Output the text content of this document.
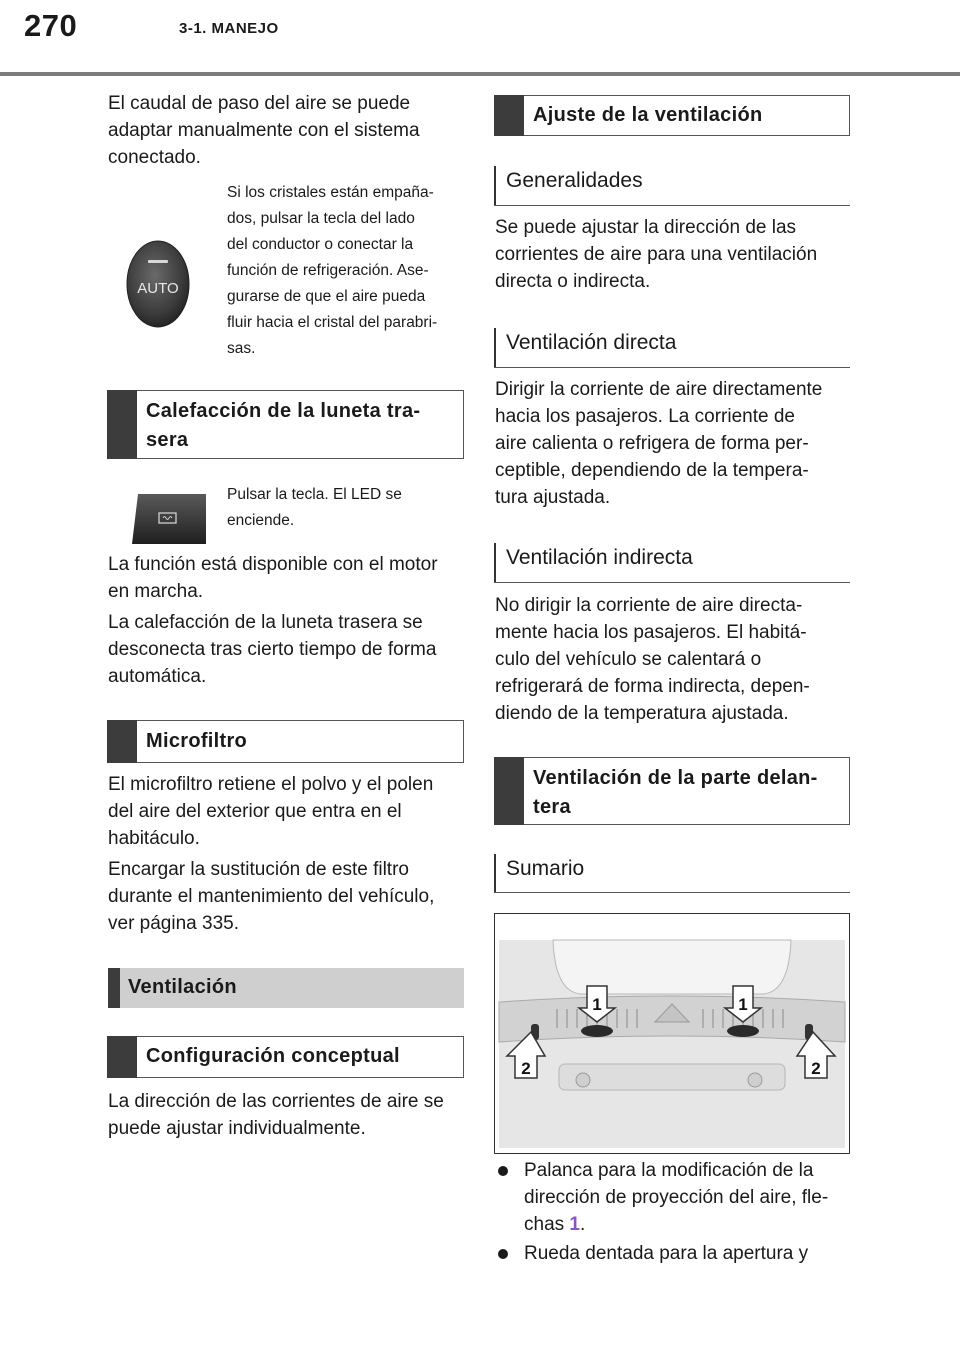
270	3-1. MANEJO
El caudal de paso del aire se puede
adaptar manualmente con el sistema
conectado.
AUTO
Si los cristales están empaña-
dos, pulsar la tecla del lado
del conductor o conectar la
función de refrigeración. Ase-
gurarse de que el aire pueda
fluir hacia el cristal del parabri-
sas.
Calefacción de la luneta tra-
sera
Pulsar la tecla. El LED se
enciende.
La función está disponible con el motor
en marcha.
La calefacción de la luneta trasera se
desconecta tras cierto tiempo de forma
automática.
Microfiltro
El microfiltro retiene el polvo y el polen
del aire del exterior que entra en el
habitáculo.
Encargar la sustitución de este filtro
durante el mantenimiento del vehículo,
ver página 335.
Ventilación
Configuración conceptual
La dirección de las corrientes de aire se
puede ajustar individualmente.
Ajuste de la ventilación
Generalidades
Se puede ajustar la dirección de las
corrientes de aire para una ventilación
directa o indirecta.
Ventilación directa
Dirigir la corriente de aire directamente
hacia los pasajeros. La corriente de
aire calienta o refrigera de forma per-
ceptible, dependiendo de la tempera-
tura ajustada.
Ventilación indirecta
No dirigir la corriente de aire directa-
mente hacia los pasajeros. El habitá-
culo del vehículo se calentará o
refrigerará de forma indirecta, depen-
diendo de la temperatura ajustada.
Ventilación de la parte delan-
tera
Sumario
1	1
2	2
Palanca para la modificación de la
dirección de proyección del aire, fle-
chas 1.
Rueda dentada para la apertura y
